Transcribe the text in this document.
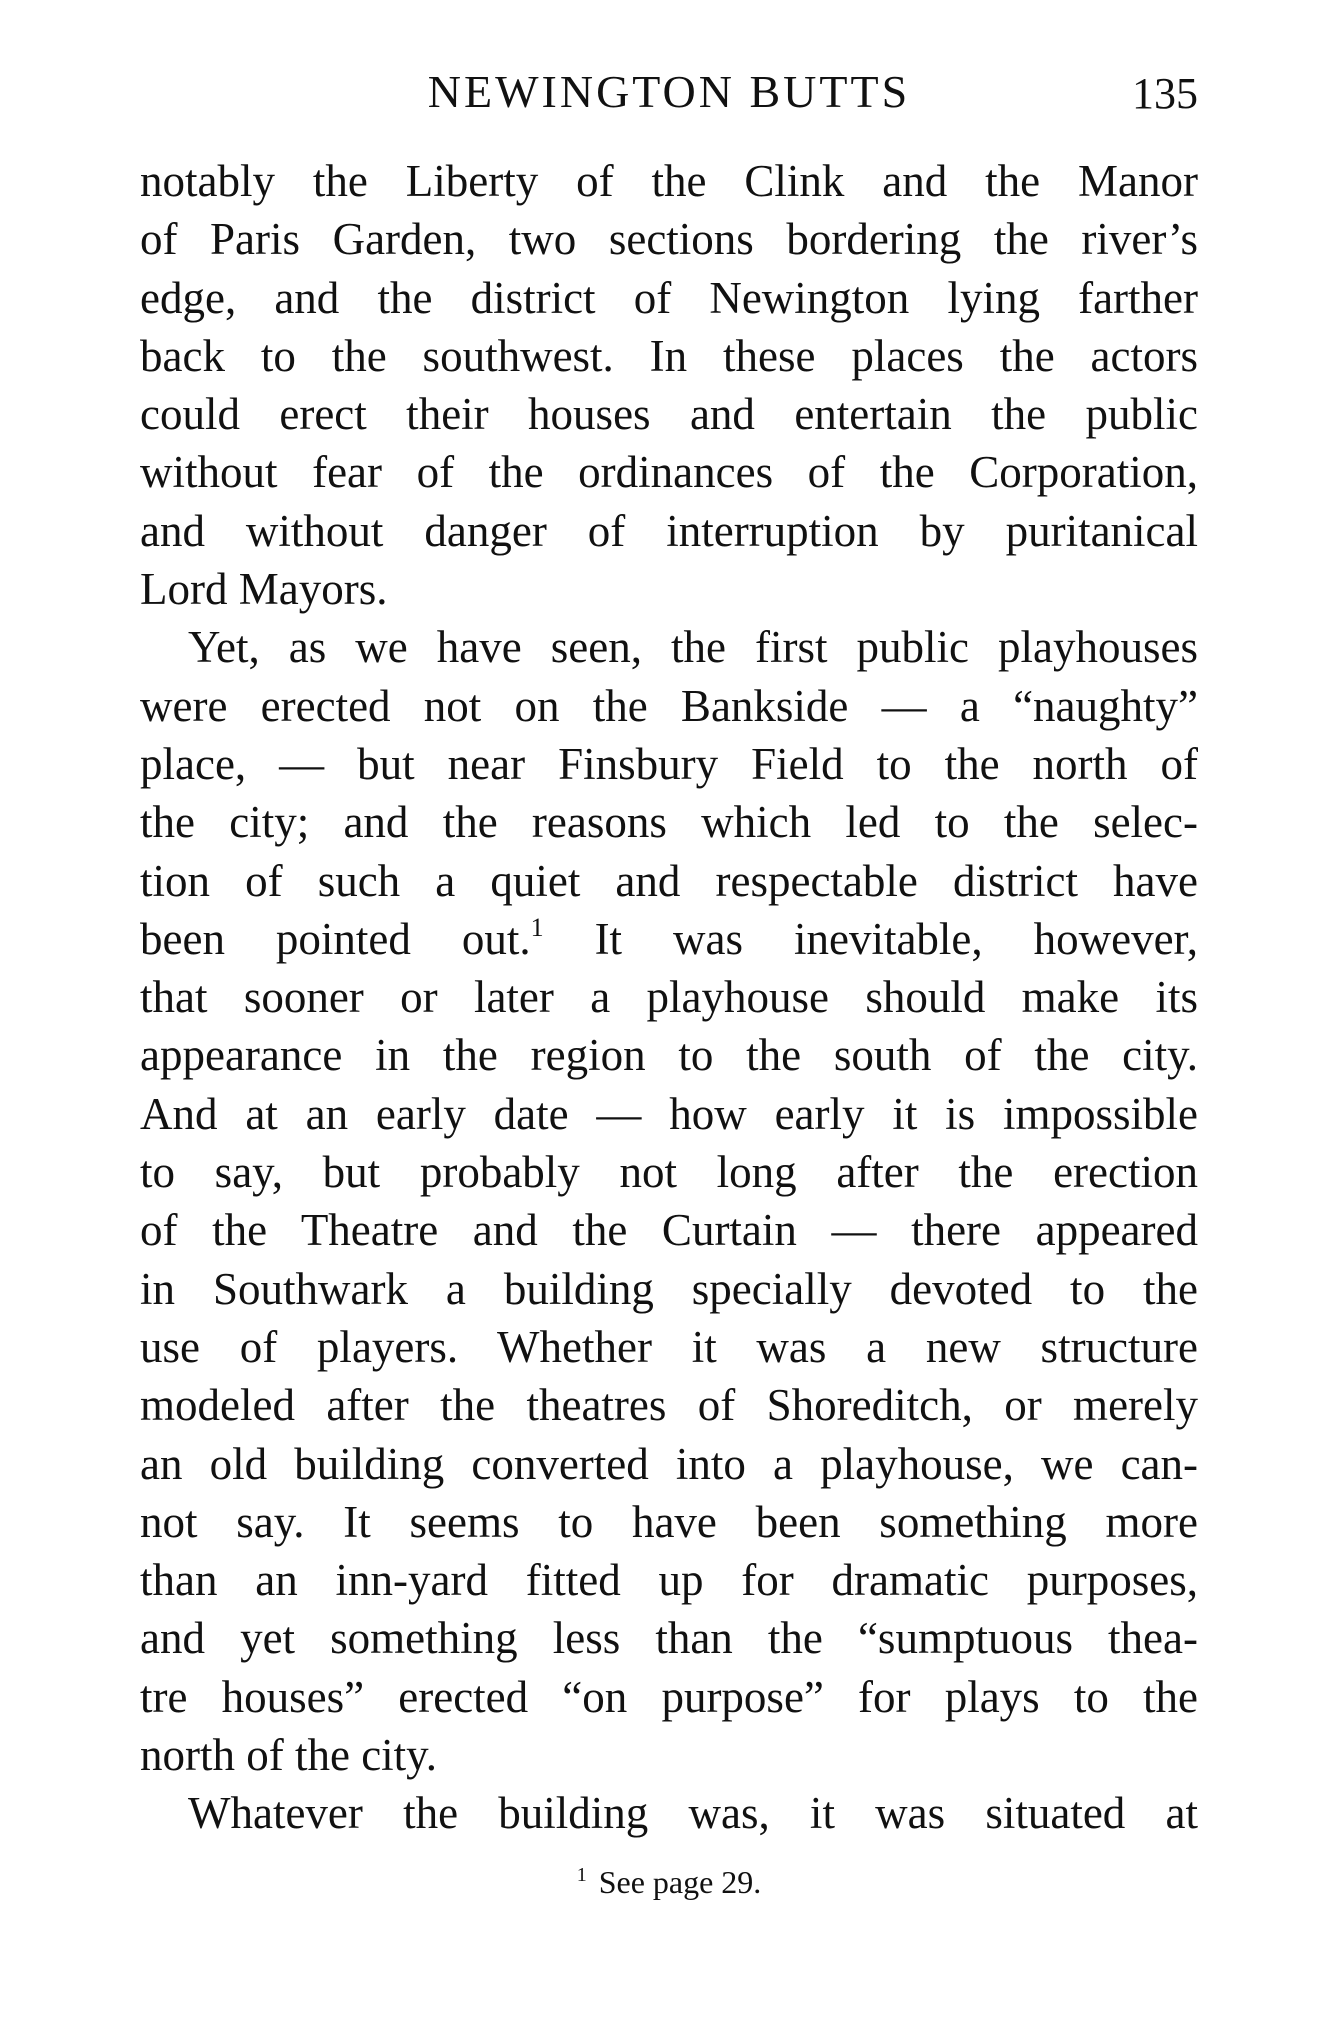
NEWINGTON BUTTS	135
notably the Liberty of the Clink and the Manor
of Paris Garden, two sections bordering the river’s
edge, and the district of Newington lying farther
back to the southwest. In these places the actors
could erect their houses and entertain the public
without fear of the ordinances of the Corporation,
and without danger of interruption by puritanical
Lord Mayors.
Yet, as we have seen, the first public playhouses
were erected not on the Bankside — a “naughty”
place, — but near Finsbury Field to the north of
the city; and the reasons which led to the selec-
tion of such a quiet and respectable district have
been pointed out.$^1$ It was inevitable, however,
that sooner or later a playhouse should make its
appearance in the region to the south of the city.
And at an early date — how early it is impossible
to say, but probably not long after the erection
of the Theatre and the Curtain — there appeared
in Southwark a building specially devoted to the
use of players. Whether it was a new structure
modeled after the theatres of Shoreditch, or merely
an old building converted into a playhouse, we can-
not say. It seems to have been something more
than an inn-yard fitted up for dramatic purposes,
and yet something less than the “sumptuous thea-
tre houses” erected “on purpose” for plays to the
north of the city.
Whatever the building was, it was situated at
$^1$ See page 29.
